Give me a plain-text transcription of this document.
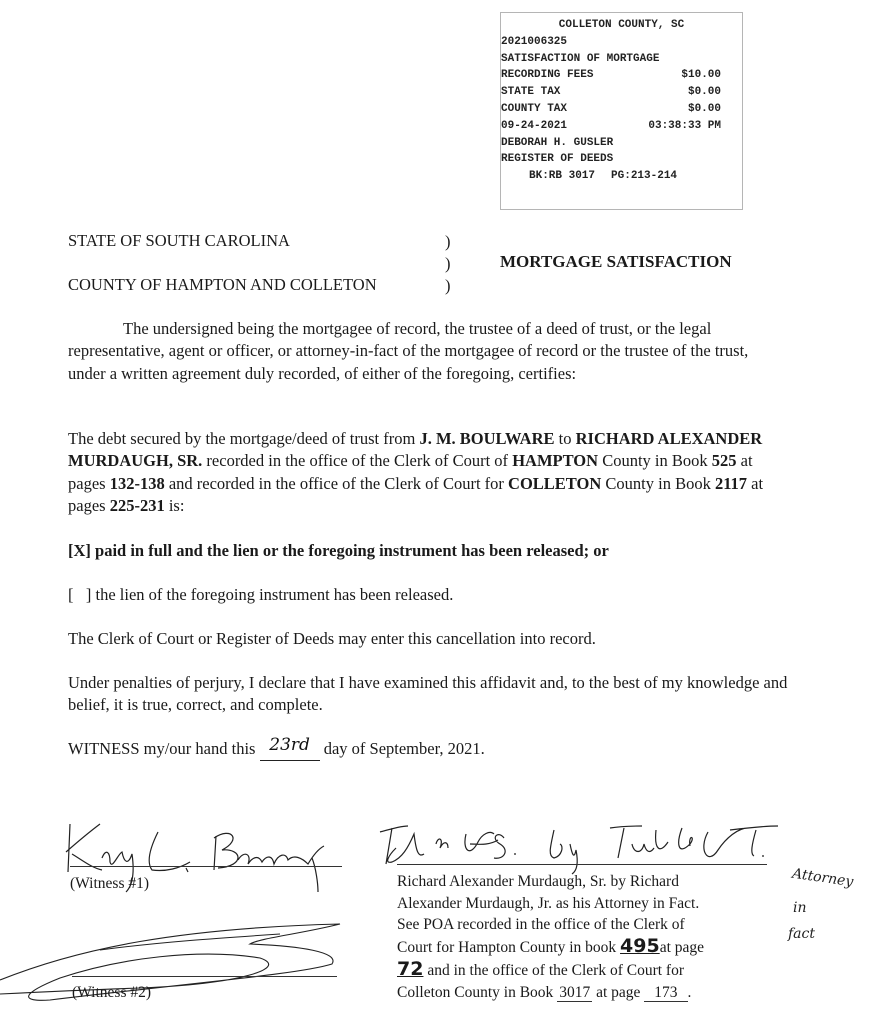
COLLETON COUNTY, SC
2021006325
SATISFACTION OF MORTGAGE
RECORDING FEES	$10.00
STATE TAX	$0.00
COUNTY TAX	$0.00
09-24-2021	03:38:33 PM
DEBORAH H. GUSLER
REGISTER OF DEEDS
BK:RB 3017 PG:213-214
STATE OF SOUTH CAROLINA
COUNTY OF HAMPTON AND COLLETON
)
)
)
MORTGAGE SATISFACTION

The undersigned being the mortgagee of record, the trustee of a deed of trust, or the legal representative, agent or officer, or attorney-in-fact of the mortgagee of record or the trustee of the trust, under a written agreement duly recorded, of either of the foregoing, certifies:

The debt secured by the mortgage/deed of trust from J. M. BOULWARE to RICHARD ALEXANDER MURDAUGH, SR. recorded in the office of the Clerk of Court of HAMPTON County in Book 525 at pages 132-138 and recorded in the office of the Clerk of Court for COLLETON County in Book 2117 at pages 225-231 is:

[X] paid in full and the lien or the foregoing instrument has been released; or
[   ] the lien of the foregoing instrument has been released.
The Clerk of Court or Register of Deeds may enter this cancellation into record.
Under penalties of perjury, I declare that I have examined this affidavit and, to the best of my knowledge and belief, it is true, correct, and complete.
WITNESS my/our hand this 23rd day of September, 2021.
(Witness #1)
(Witness #2)

Richard Alexander Murdaugh, Sr. by Richard

Alexander Murdaugh, Jr. as his Attorney in Fact.

See POA recorded in the office of the Clerk of

Court for Hampton County in book 495at page

72 and in the office of the Clerk of Court for

Colleton County in Book 3017 at page 173 .

Attorney
in
fact
